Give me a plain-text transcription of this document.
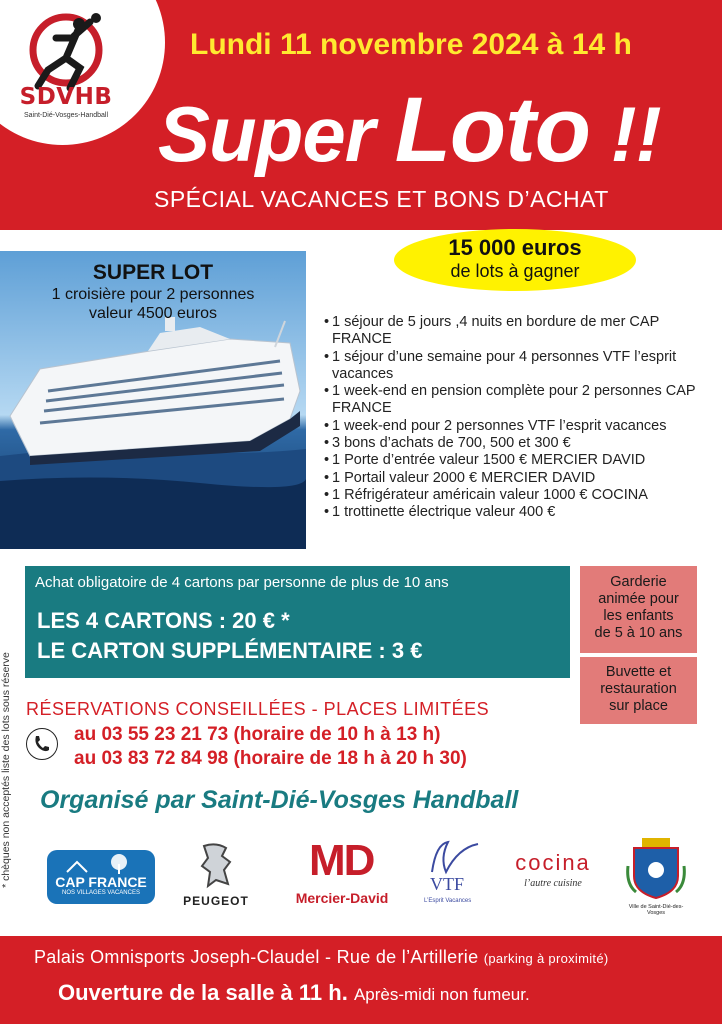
SDVHB
Saint-Dié-Vosges-Handball
Lundi 11 novembre 2024 à 14 h
Super Loto !!
SPÉCIAL VACANCES ET BONS D’ACHAT
15 000 euros
de lots à gagner
SUPER LOT
1 croisière pour 2 personnes
valeur 4500 euros
•	1 séjour de 5 jours ,4 nuits en bordure de mer CAP FRANCE
• 1 séjour d’une semaine pour 4 personnes VTF l’esprit vacances
• 1 week-end en pension complète pour 2 personnes CAP FRANCE
• 1 week-end pour 2 personnes VTF l’esprit vacances
• 3 bons d’achats de 700, 500 et 300 €
• 1 Porte d’entrée valeur 1500 € MERCIER DAVID
• 1 Portail valeur 2000 € MERCIER DAVID
• 1 Réfrigérateur américain valeur 1000 € COCINA
• 1 trottinette électrique valeur 400 €
Achat obligatoire de 4 cartons par personne de plus de 10 ans
LES 4 CARTONS : 20 € *
LE CARTON SUPPLÉMENTAIRE : 3 €
Garderie
animée pour
les enfants
de 5 à 10 ans
Buvette et
restauration
sur place
* chèques non acceptés liste des lots sous réserve RÉSERVATIONS CONSEILLÉES - PLACES LIMITÉES
au 03 55 23 21 73 (horaire de 10 h à 13 h)
au 03 83 72 84 98 (horaire de 18 h à 20 h 30)
Organisé par Saint-Dié-Vosges Handball
CAP FRANCE
NOS VILLAGES VACANCES
PEUGEOT
MD
Mercier-David
VTF
L’Esprit Vacances
cocina
l’autre cuisine
Ville de Saint-Dié-des-Vosges
Palais Omnisports Joseph-Claudel - Rue de l’Artillerie (parking à proximité)
Ouverture de la salle à 11 h. Après-midi non fumeur.
